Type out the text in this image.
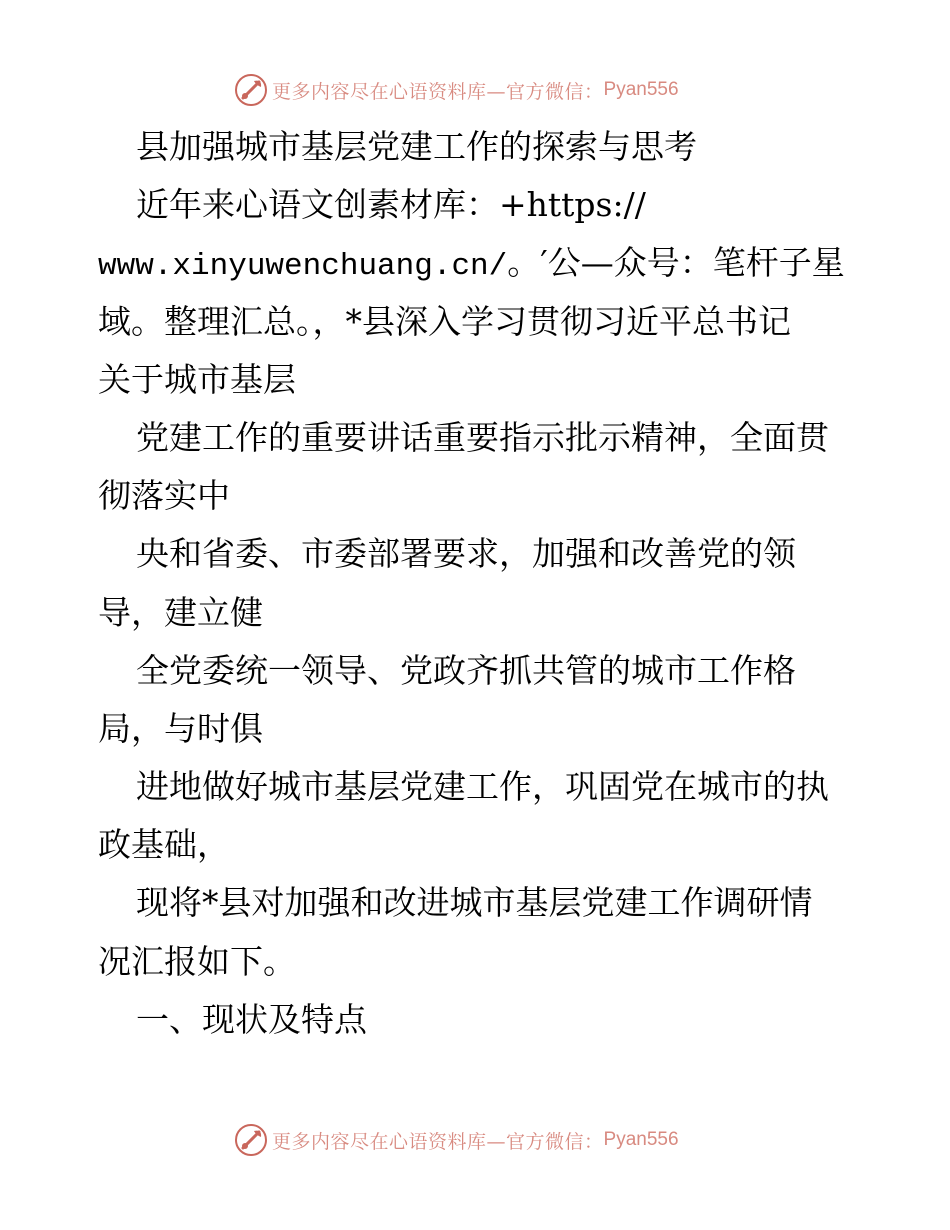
更多内容尽在心语资料库—官方微信： Pyan556
县加强城市基层党建工作的探索与思考
近年来心语文创素材库：+https://
www.xinyuwenchuang.cn/。′公—众号：笔杆子星
域。整理汇总。，*县深入学习贯彻习近平总书记
关于城市基层
党建工作的重要讲话重要指示批示精神，全面贯
彻落实中
央和省委、市委部署要求，加强和改善党的领
导，建立健
全党委统一领导、党政齐抓共管的城市工作格
局，与时俱
进地做好城市基层党建工作，巩固党在城市的执
政基础，
现将*县对加强和改进城市基层党建工作调研情
况汇报如下。
一、现状及特点
更多内容尽在心语资料库—官方微信： Pyan556
